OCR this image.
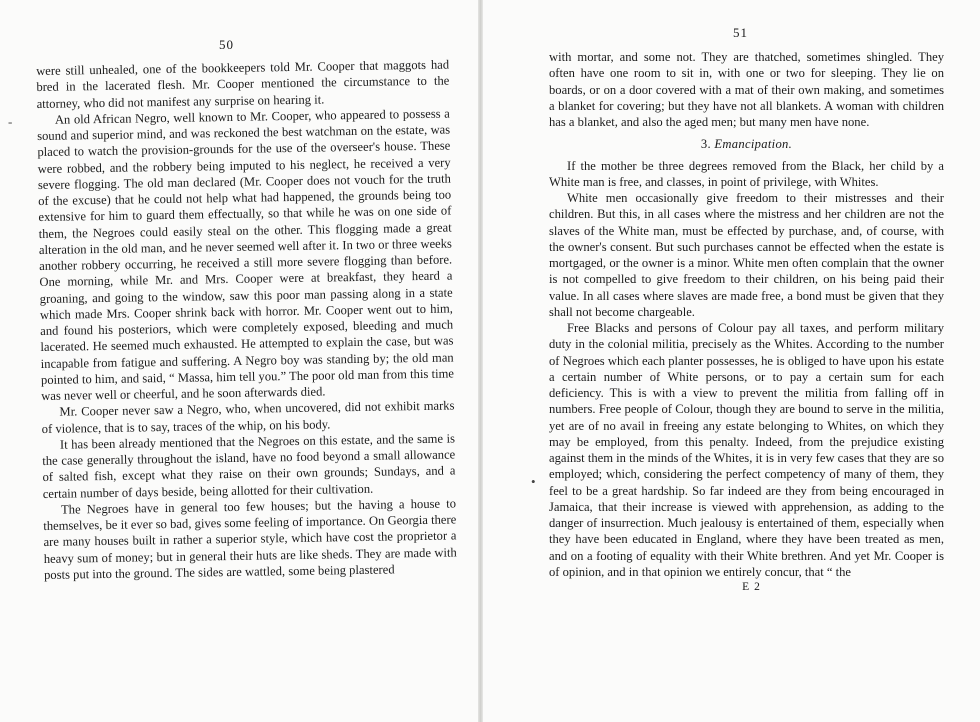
50

were still unhealed, one of the bookkeepers told Mr. Cooper that maggots had bred in the lacerated flesh. Mr. Cooper mentioned the circumstance to the attorney, who did not manifest any surprise on hearing it.

An old African Negro, well known to Mr. Cooper, who appeared to possess a sound and superior mind, and was reckoned the best watchman on the estate, was placed to watch the provision-grounds for the use of the overseer's house. These were robbed, and the robbery being imputed to his neglect, he received a very severe flogging. The old man declared (Mr. Cooper does not vouch for the truth of the excuse) that he could not help what had happened, the grounds being too extensive for him to guard them effectually, so that while he was on one side of them, the Negroes could easily steal on the other. This flogging made a great alteration in the old man, and he never seemed well after it. In two or three weeks another robbery occurring, he received a still more severe flogging than before. One morning, while Mr. and Mrs. Cooper were at breakfast, they heard a groaning, and going to the window, saw this poor man passing along in a state which made Mrs. Cooper shrink back with horror. Mr. Cooper went out to him, and found his posteriors, which were completely exposed, bleeding and much lacerated. He seemed much exhausted. He attempted to explain the case, but was incapable from fatigue and suffering. A Negro boy was standing by; the old man pointed to him, and said, “ Massa, him tell you.” The poor old man from this time was never well or cheerful, and he soon afterwards died.

Mr. Cooper never saw a Negro, who, when uncovered, did not exhibit marks of violence, that is to say, traces of the whip, on his body.

It has been already mentioned that the Negroes on this estate, and the same is the case generally throughout the island, have no food beyond a small allowance of salted fish, except what they raise on their own grounds; Sundays, and a certain number of days beside, being allotted for their cultivation.

The Negroes have in general too few houses; but the having a house to themselves, be it ever so bad, gives some feeling of importance. On Georgia there are many houses built in rather a superior style, which have cost the proprietor a heavy sum of money; but in general their huts are like sheds. They are made with posts put into the ground. The sides are wattled, some being plastered

-
51

with mortar, and some not. They are thatched, sometimes shingled. They often have one room to sit in, with one or two for sleeping. They lie on boards, or on a door covered with a mat of their own making, and sometimes a blanket for covering; but they have not all blankets. A woman with children has a blanket, and also the aged men; but many men have none.

3. Emancipation.

If the mother be three degrees removed from the Black, her child by a White man is free, and classes, in point of privilege, with Whites.

White men occasionally give freedom to their mistresses and their children. But this, in all cases where the mistress and her children are not the slaves of the White man, must be effected by purchase, and, of course, with the owner's consent. But such purchases cannot be effected when the estate is mortgaged, or the owner is a minor. White men often complain that the owner is not compelled to give freedom to their children, on his being paid their value. In all cases where slaves are made free, a bond must be given that they shall not become chargeable.

Free Blacks and persons of Colour pay all taxes, and perform military duty in the colonial militia, precisely as the Whites. According to the number of Negroes which each planter possesses, he is obliged to have upon his estate a certain number of White persons, or to pay a certain sum for each deficiency. This is with a view to prevent the militia from falling off in numbers. Free people of Colour, though they are bound to serve in the militia, yet are of no avail in freeing any estate belonging to Whites, on which they may be employed, from this penalty. Indeed, from the prejudice existing against them in the minds of the Whites, it is in very few cases that they are so employed; which, considering the perfect competency of many of them, they feel to be a great hardship. So far indeed are they from being encouraged in Jamaica, that their increase is viewed with apprehension, as adding to the danger of insurrection. Much jealousy is entertained of them, especially when they have been educated in England, where they have been treated as men, and on a footing of equality with their White brethren. And yet Mr. Cooper is of opinion, and in that opinion we entirely concur, that “ the

E 2
•
